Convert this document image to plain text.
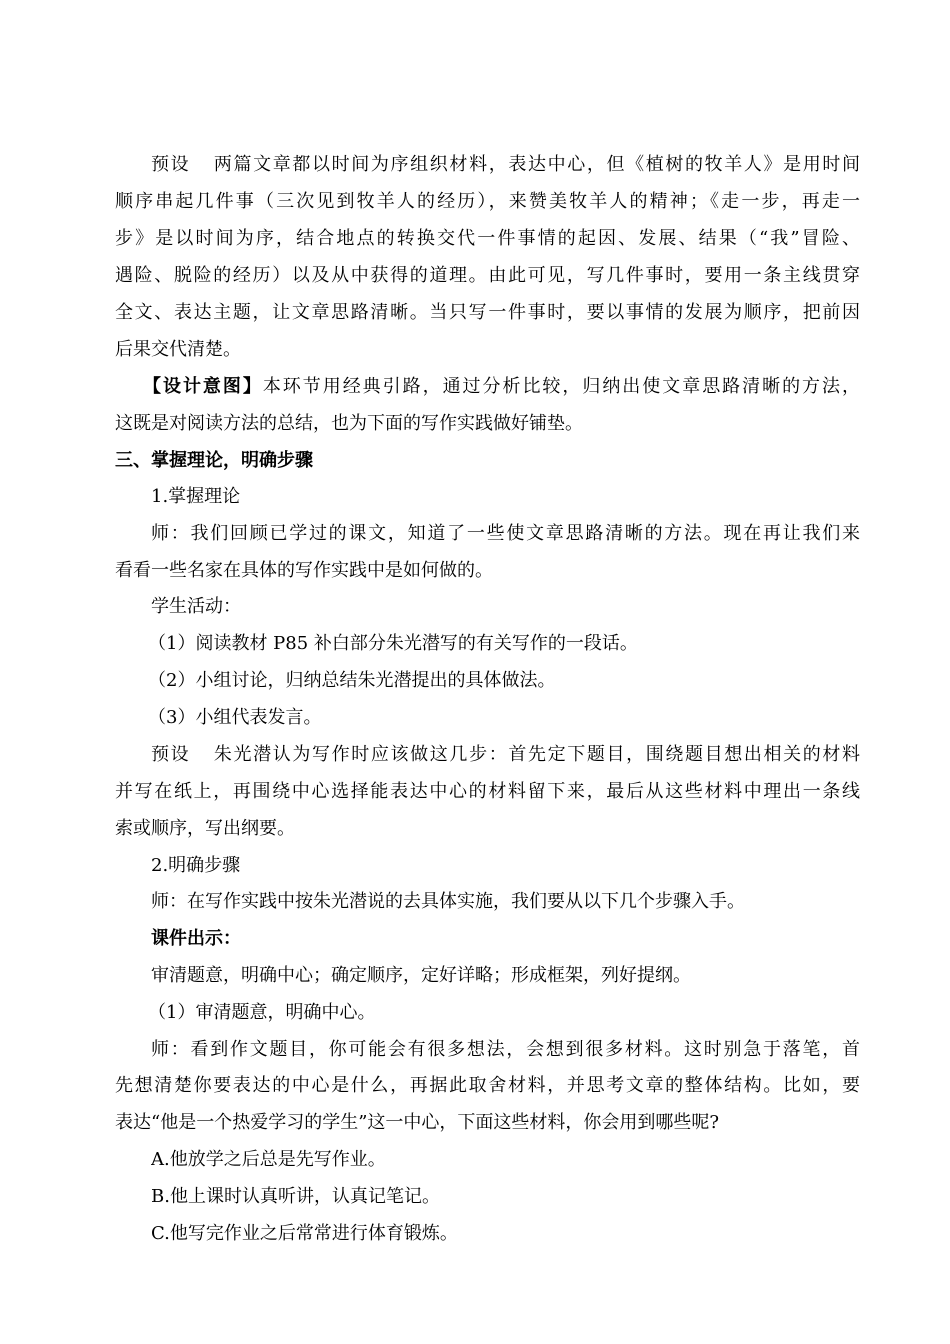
预设 两篇文章都以时间为序组织材料，表达中心，但《植树的牧羊人》是用时间
顺序串起几件事（三次见到牧羊人的经历），来赞美牧羊人的精神；《走一步，再走一
步》是以时间为序，结合地点的转换交代一件事情的起因、发展、结果（“我”冒险、
遇险、脱险的经历）以及从中获得的道理。由此可见，写几件事时，要用一条主线贯穿
全文、表达主题，让文章思路清晰。当只写一件事时，要以事情的发展为顺序，把前因
后果交代清楚。
【设计意图】本环节用经典引路，通过分析比较，归纳出使文章思路清晰的方法，
这既是对阅读方法的总结，也为下面的写作实践做好铺垫。
三、掌握理论，明确步骤
1.掌握理论
师：我们回顾已学过的课文，知道了一些使文章思路清晰的方法。现在再让我们来
看看一些名家在具体的写作实践中是如何做的。
学生活动：
（1）阅读教材 P85 补白部分朱光潜写的有关写作的一段话。
（2）小组讨论，归纳总结朱光潜提出的具体做法。
（3）小组代表发言。
预设 朱光潜认为写作时应该做这几步：首先定下题目，围绕题目想出相关的材料
并写在纸上，再围绕中心选择能表达中心的材料留下来，最后从这些材料中理出一条线
索或顺序，写出纲要。
2.明确步骤
师：在写作实践中按朱光潜说的去具体实施，我们要从以下几个步骤入手。
课件出示：
审清题意，明确中心；确定顺序，定好详略；形成框架，列好提纲。
（1）审清题意，明确中心。
师：看到作文题目，你可能会有很多想法，会想到很多材料。这时别急于落笔，首
先想清楚你要表达的中心是什么，再据此取舍材料，并思考文章的整体结构。比如，要
表达“他是一个热爱学习的学生”这一中心，下面这些材料，你会用到哪些呢?
A.他放学之后总是先写作业。
B.他上课时认真听讲，认真记笔记。
C.他写完作业之后常常进行体育锻炼。
